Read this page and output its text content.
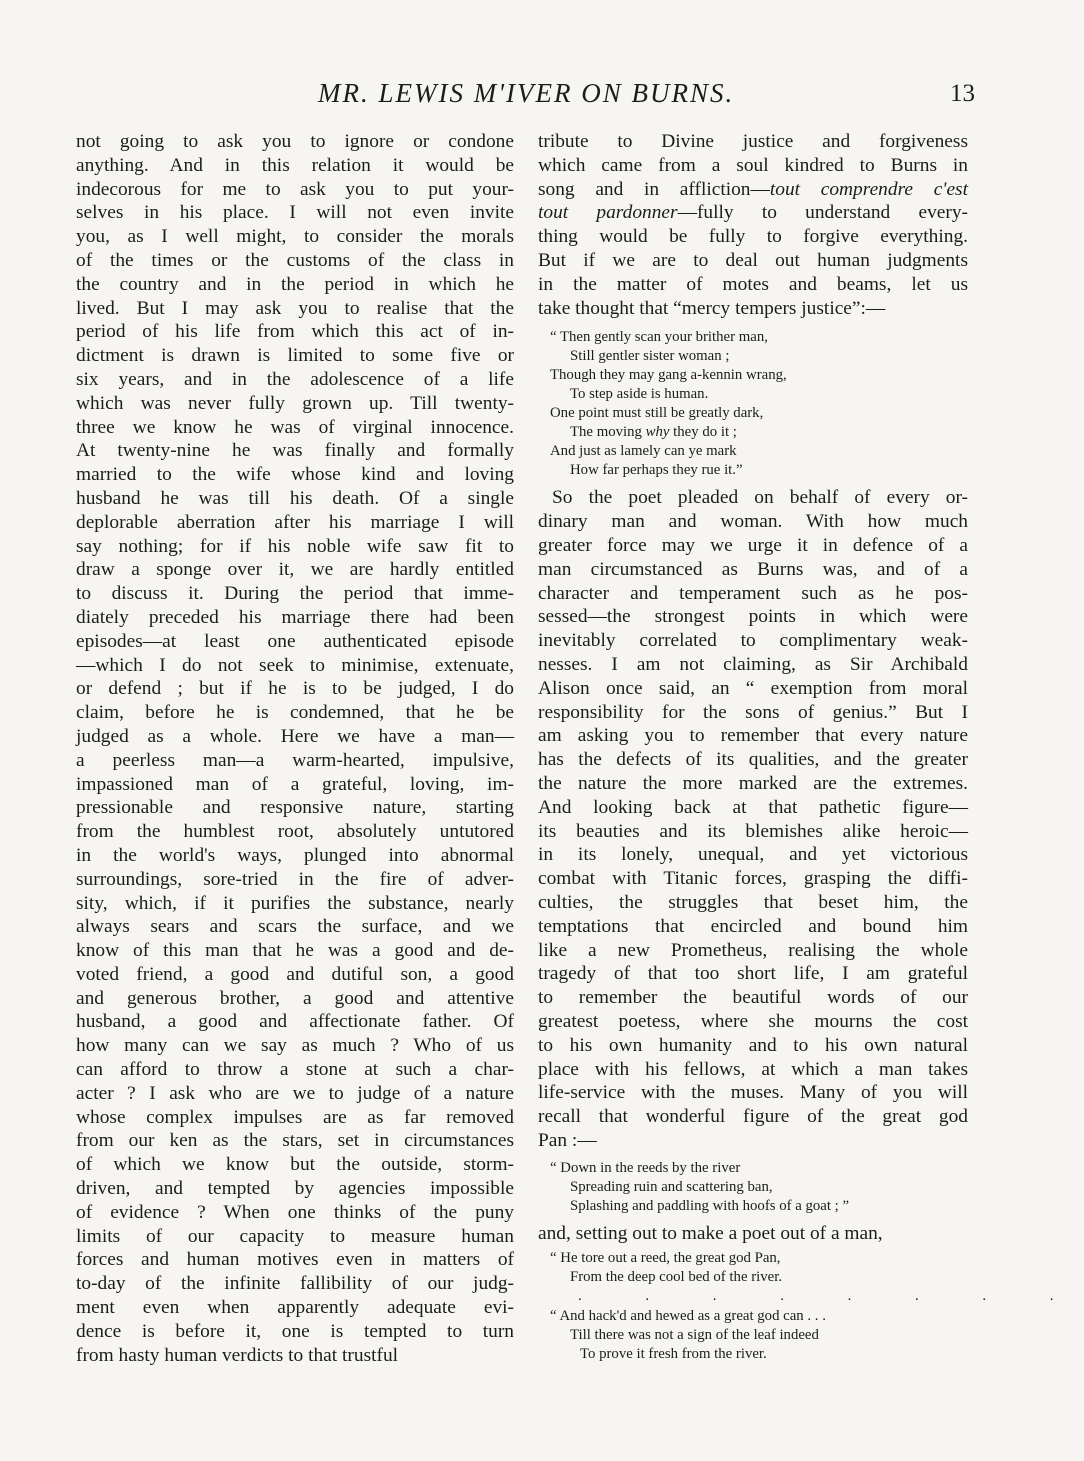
MR. LEWIS M'IVER ON BURNS.	13
not going to ask you to ignore or condone
anything. And in this relation it would be
indecorous for me to ask you to put your-
selves in his place. I will not even invite
you, as I well might, to consider the morals
of the times or the customs of the class in
the country and in the period in which he
lived. But I may ask you to realise that the
period of his life from which this act of in-
dictment is drawn is limited to some five or
six years, and in the adolescence of a life
which was never fully grown up. Till twenty-
three we know he was of virginal innocence.
At twenty-nine he was finally and formally
married to the wife whose kind and loving
husband he was till his death. Of a single
deplorable aberration after his marriage I will
say nothing; for if his noble wife saw fit to
draw a sponge over it, we are hardly entitled
to discuss it. During the period that imme-
diately preceded his marriage there had been
episodes—at least one authenticated episode
—which I do not seek to minimise, extenuate,
or defend ; but if he is to be judged, I do
claim, before he is condemned, that he be
judged as a whole. Here we have a man—
a peerless man—a warm-hearted, impulsive,
impassioned man of a grateful, loving, im-
pressionable and responsive nature, starting
from the humblest root, absolutely untutored
in the world's ways, plunged into abnormal
surroundings, sore-tried in the fire of adver-
sity, which, if it purifies the substance, nearly
always sears and scars the surface, and we
know of this man that he was a good and de-
voted friend, a good and dutiful son, a good
and generous brother, a good and attentive
husband, a good and affectionate father. Of
how many can we say as much ? Who of us
can afford to throw a stone at such a char-
acter ? I ask who are we to judge of a nature
whose complex impulses are as far removed
from our ken as the stars, set in circumstances
of which we know but the outside, storm-
driven, and tempted by agencies impossible
of evidence ? When one thinks of the puny
limits of our capacity to measure human
forces and human motives even in matters of
to-day of the infinite fallibility of our judg-
ment even when apparently adequate evi-
dence is before it, one is tempted to turn
from hasty human verdicts to that trustful
tribute to Divine justice and forgiveness
which came from a soul kindred to Burns in
song and in affliction—tout comprendre c'est
tout pardonner—fully to understand every-
thing would be fully to forgive everything.
But if we are to deal out human judgments
in the matter of motes and beams, let us
take thought that “mercy tempers justice”:—
“ Then gently scan your brither man,
Still gentler sister woman ;
Though they may gang a-kennin wrang,
To step aside is human.
One point must still be greatly dark,
The moving why they do it ;
And just as lamely can ye mark
How far perhaps they rue it.”
So the poet pleaded on behalf of every or-
dinary man and woman. With how much
greater force may we urge it in defence of a
man circumstanced as Burns was, and of a
character and temperament such as he pos-
sessed—the strongest points in which were
inevitably correlated to complimentary weak-
nesses. I am not claiming, as Sir Archibald
Alison once said, an “ exemption from moral
responsibility for the sons of genius.” But I
am asking you to remember that every nature
has the defects of its qualities, and the greater
the nature the more marked are the extremes.
And looking back at that pathetic figure—
its beauties and its blemishes alike heroic—
in its lonely, unequal, and yet victorious
combat with Titanic forces, grasping the diffi-
culties, the struggles that beset him, the
temptations that encircled and bound him
like a new Prometheus, realising the whole
tragedy of that too short life, I am grateful
to remember the beautiful words of our
greatest poetess, where she mourns the cost
to his own humanity and to his own natural
place with his fellows, at which a man takes
life-service with the muses. Many of you will
recall that wonderful figure of the great god
Pan :—
“ Down in the reeds by the river
Spreading ruin and scattering ban,
Splashing and paddling with hoofs of a goat ; ”
and, setting out to make a poet out of a man,
“ He tore out a reed, the great god Pan,
From the deep cool bed of the river.
. . . . . . . .
“ And hack'd and hewed as a great god can . . .
Till there was not a sign of the leaf indeed
To prove it fresh from the river.
